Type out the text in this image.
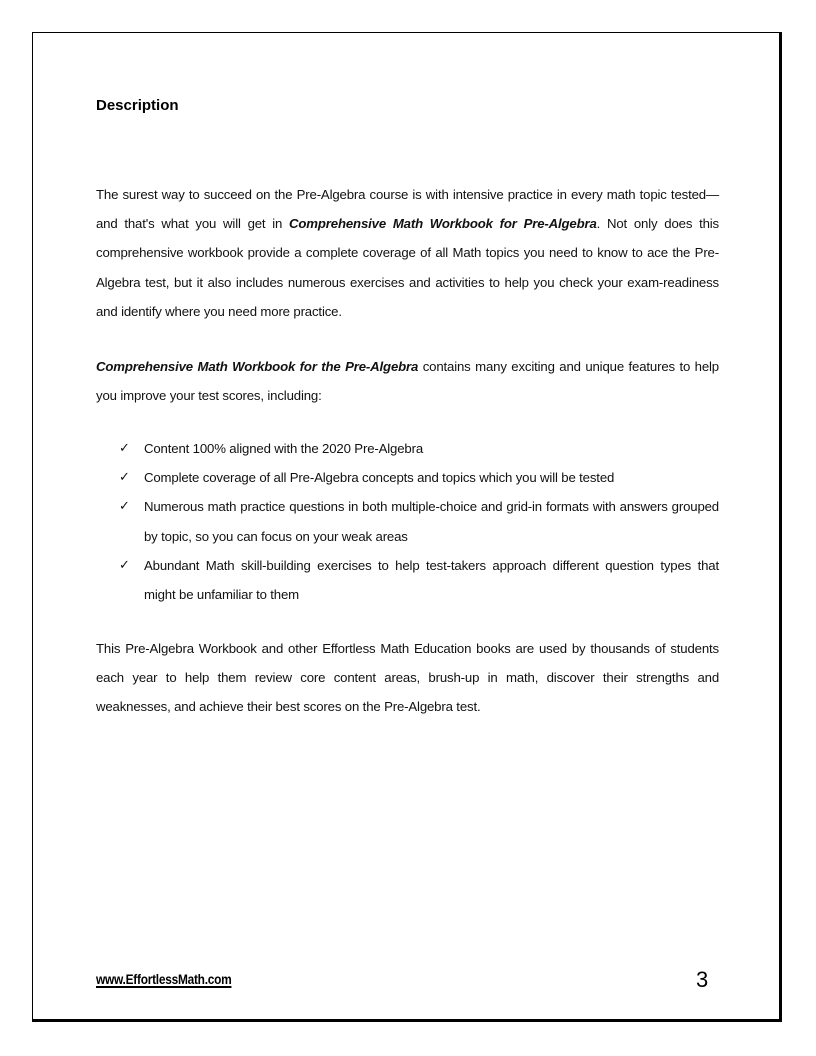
Description

The surest way to succeed on the Pre-Algebra course is with intensive practice in every math topic tested—and that's what you will get in Comprehensive Math Workbook for Pre-Algebra. Not only does this comprehensive workbook provide a complete coverage of all Math topics you need to know to ace the Pre-Algebra test, but it also includes numerous exercises and activities to help you check your exam-readiness and identify where you need more practice.

Comprehensive Math Workbook for the Pre-Algebra contains many exciting and unique features to help you improve your test scores, including:

✓ Content 100% aligned with the 2020 Pre-Algebra
✓ Complete coverage of all Pre-Algebra concepts and topics which you will be tested
✓ Numerous math practice questions in both multiple-choice and grid-in formats with answers grouped by topic, so you can focus on your weak areas
✓ Abundant Math skill-building exercises to help test-takers approach different question types that might be unfamiliar to them

This Pre-Algebra Workbook and other Effortless Math Education books are used by thousands of students each year to help them review core content areas, brush-up in math, discover their strengths and weaknesses, and achieve their best scores on the Pre-Algebra test.

www.EffortlessMath.com	3
